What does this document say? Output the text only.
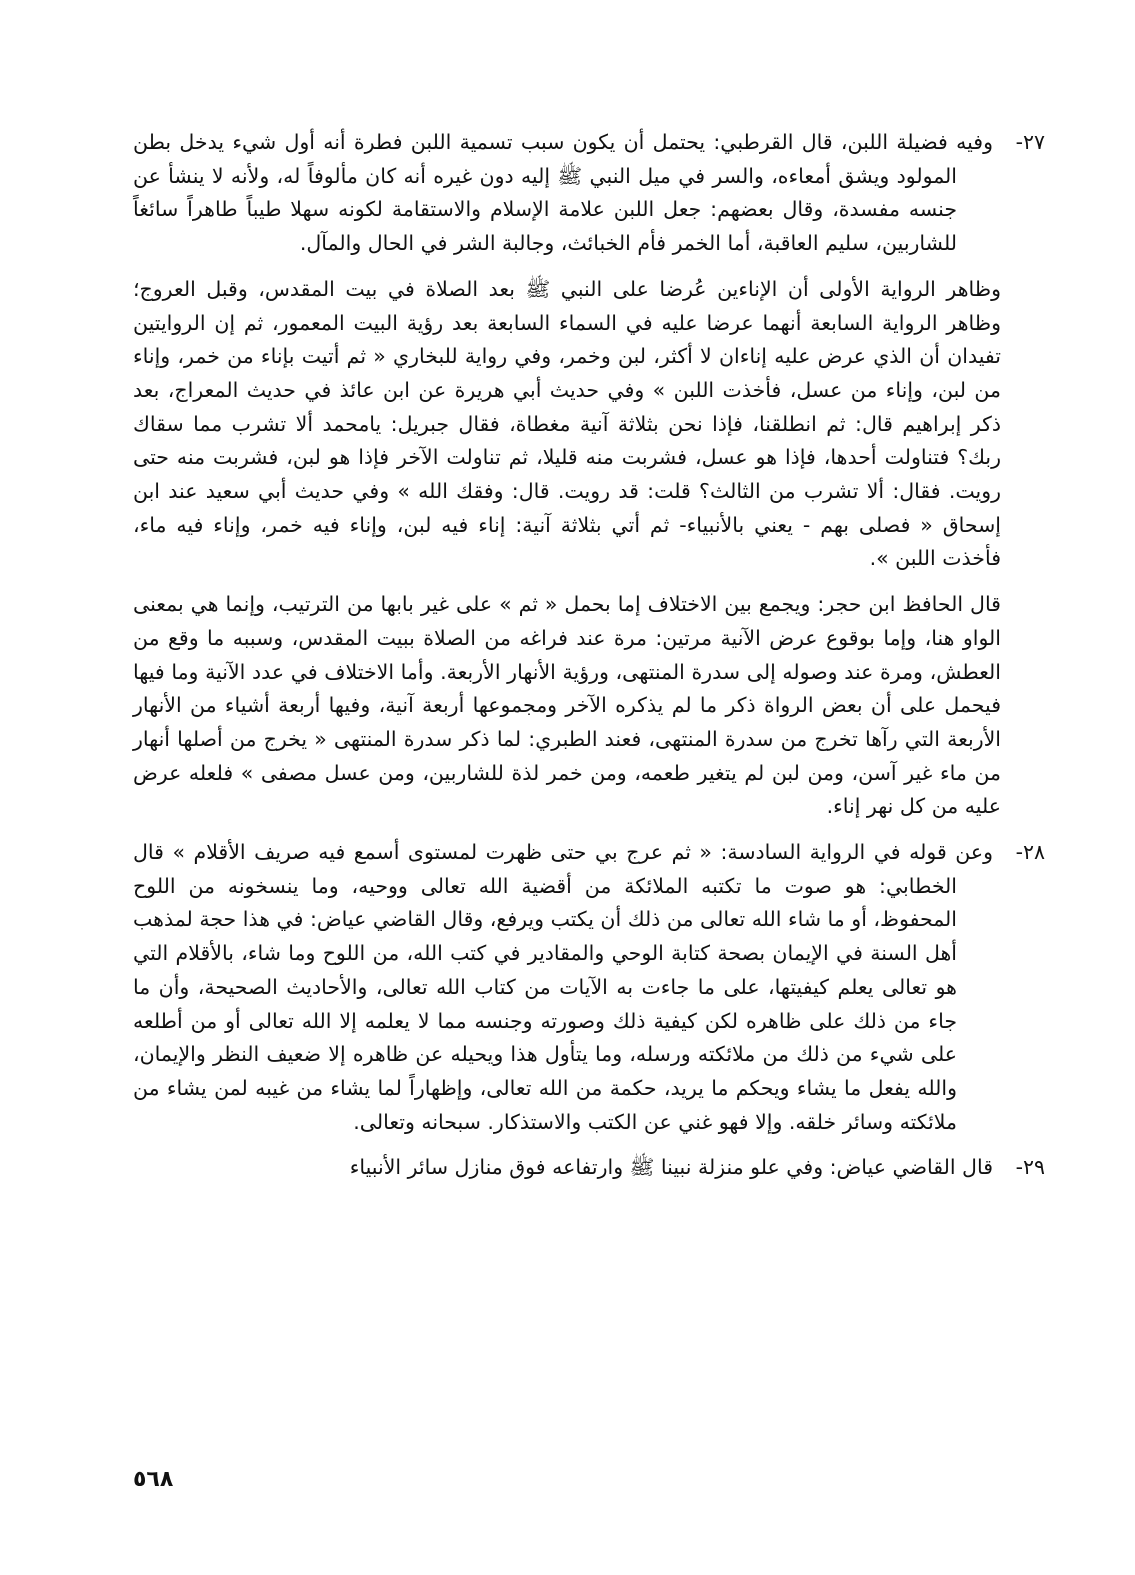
٢٧-وفيه فضيلة اللبن، قال القرطبي: يحتمل أن يكون سبب تسمية اللبن فطرة أنه أول شيء يدخل بطن المولود ويشق أمعاءه، والسر في ميل النبي ﷺ إليه دون غيره أنه كان مألوفاً له، ولأنه لا ينشأ عن جنسه مفسدة، وقال بعضهم: جعل اللبن علامة الإسلام والاستقامة لكونه سهلا طيباً طاهراً سائغاً للشاربين، سليم العاقبة، أما الخمر فأم الخبائث، وجالبة الشر في الحال والمآل.

وظاهر الرواية الأولى أن الإناءين عُرضا على النبي ﷺ بعد الصلاة في بيت المقدس، وقبل العروج؛ وظاهر الرواية السابعة أنهما عرضا عليه في السماء السابعة بعد رؤية البيت المعمور، ثم إن الروايتين تفيدان أن الذي عرض عليه إناءان لا أكثر، لبن وخمر، وفي رواية للبخاري « ثم أتيت بإناء من خمر، وإناء من لبن، وإناء من عسل، فأخذت اللبن » وفي حديث أبي هريرة عن ابن عائذ في حديث المعراج، بعد ذكر إبراهيم قال: ثم انطلقنا، فإذا نحن بثلاثة آنية مغطاة، فقال جبريل: يامحمد ألا تشرب مما سقاك ربك؟ فتناولت أحدها، فإذا هو عسل، فشربت منه قليلا، ثم تناولت الآخر فإذا هو لبن، فشربت منه حتى رويت. فقال: ألا تشرب من الثالث؟ قلت: قد رويت. قال: وفقك الله » وفي حديث أبي سعيد عند ابن إسحاق « فصلى بهم - يعني بالأنبياء- ثم أتي بثلاثة آنية: إناء فيه لبن، وإناء فيه خمر، وإناء فيه ماء، فأخذت اللبن ».

قال الحافظ ابن حجر: ويجمع بين الاختلاف إما بحمل « ثم » على غير بابها من الترتيب، وإنما هي بمعنى الواو هنا، وإما بوقوع عرض الآنية مرتين: مرة عند فراغه من الصلاة ببيت المقدس، وسببه ما وقع من العطش، ومرة عند وصوله إلى سدرة المنتهى، ورؤية الأنهار الأربعة. وأما الاختلاف في عدد الآنية وما فيها فيحمل على أن بعض الرواة ذكر ما لم يذكره الآخر ومجموعها أربعة آنية، وفيها أربعة أشياء من الأنهار الأربعة التي رآها تخرج من سدرة المنتهى، فعند الطبري: لما ذكر سدرة المنتهى « يخرج من أصلها أنهار من ماء غير آسن، ومن لبن لم يتغير طعمه، ومن خمر لذة للشاربين، ومن عسل مصفى » فلعله عرض عليه من كل نهر إناء.

٢٨-وعن قوله في الرواية السادسة: « ثم عرج بي حتى ظهرت لمستوى أسمع فيه صريف الأقلام » قال الخطابي: هو صوت ما تكتبه الملائكة من أقضية الله تعالى ووحيه، وما ينسخونه من اللوح المحفوظ، أو ما شاء الله تعالى من ذلك أن يكتب ويرفع، وقال القاضي عياض: في هذا حجة لمذهب أهل السنة في الإيمان بصحة كتابة الوحي والمقادير في كتب الله، من اللوح وما شاء، بالأقلام التي هو تعالى يعلم كيفيتها، على ما جاءت به الآيات من كتاب الله تعالى، والأحاديث الصحيحة، وأن ما جاء من ذلك على ظاهره لكن كيفية ذلك وصورته وجنسه مما لا يعلمه إلا الله تعالى أو من أطلعه على شيء من ذلك من ملائكته ورسله، وما يتأول هذا ويحيله عن ظاهره إلا ضعيف النظر والإيمان، والله يفعل ما يشاء ويحكم ما يريد، حكمة من الله تعالى، وإظهاراً لما يشاء من غيبه لمن يشاء من ملائكته وسائر خلقه. وإلا فهو غني عن الكتب والاستذكار. سبحانه وتعالى.

٢٩-قال القاضي عياض: وفي علو منزلة نبينا ﷺ وارتفاعه فوق منازل سائر الأنبياء

٥٦٨
